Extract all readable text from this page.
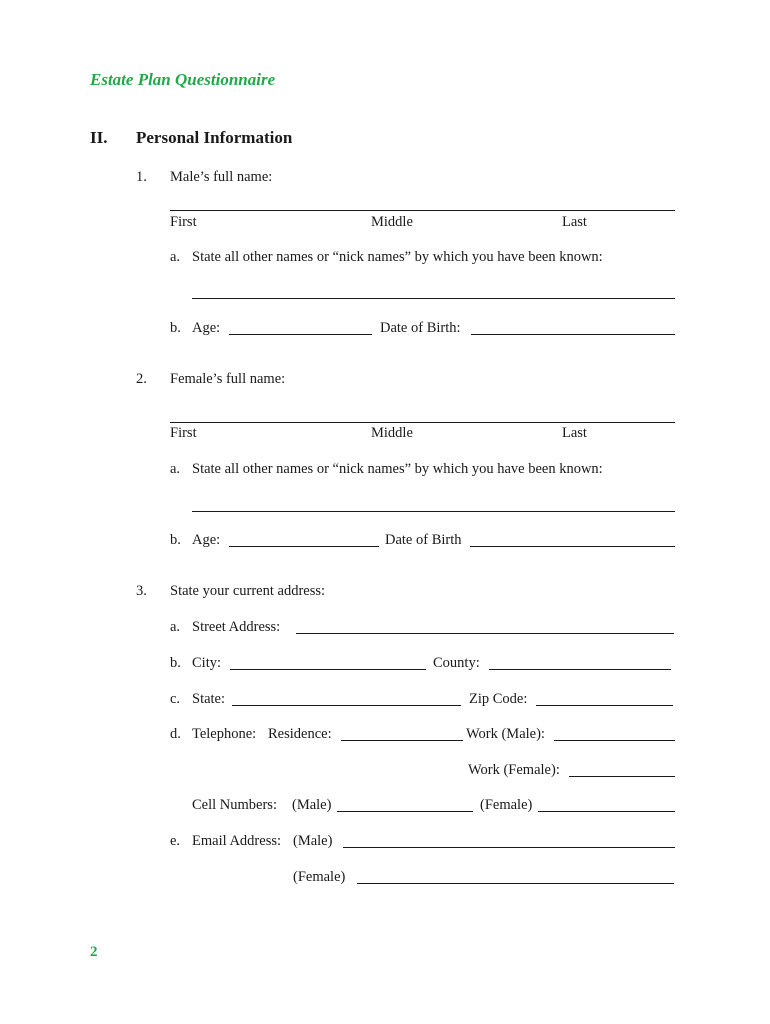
Estate Plan Questionnaire
II. Personal Information
1. Male’s full name:
First	Middle	Last
a. State all other names or “nick names” by which you have been known:
b. Age:	Date of Birth:
2. Female’s full name:
First	Middle	Last
a. State all other names or “nick names” by which you have been known:
b. Age:	Date of Birth
3. State your current address:
a. Street Address:
b. City:	County:
c. State:	Zip Code:
d. Telephone: Residence:	Work (Male):
Work (Female):
Cell Numbers: (Male)	(Female)
e. Email Address: (Male)
(Female)
2
